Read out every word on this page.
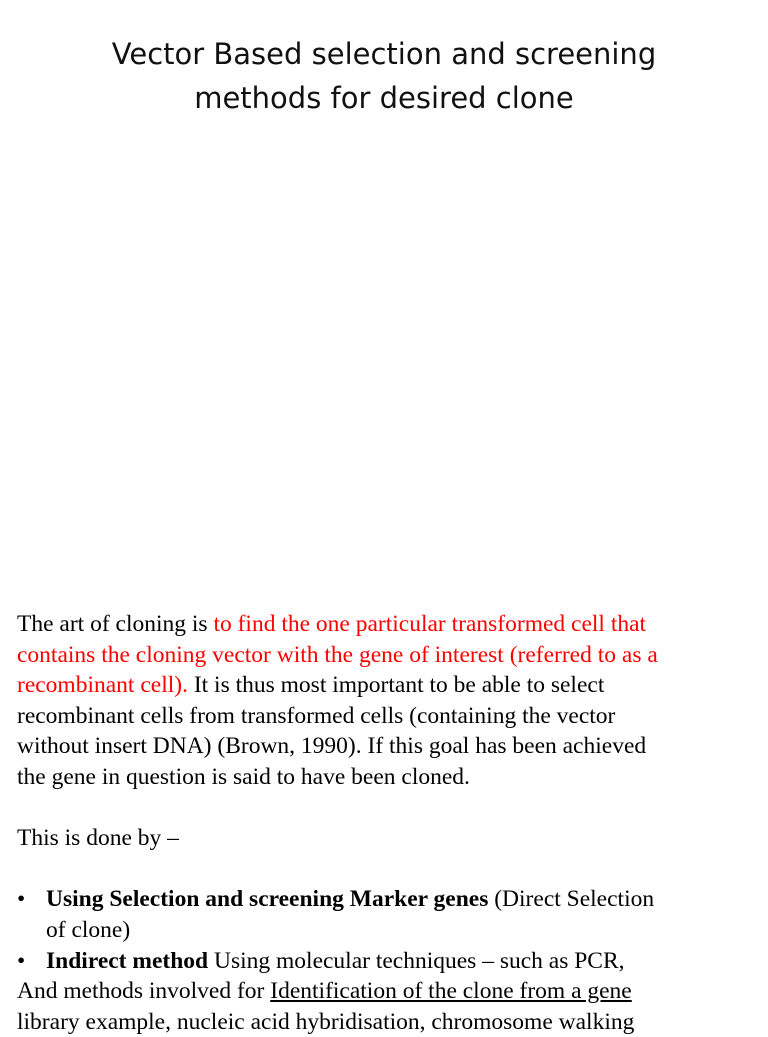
Vector Based selection and screening
methods for desired clone
The art of cloning is to find the one particular transformed cell that
contains the cloning vector with the gene of interest (referred to as a
recombinant cell). It is thus most important to be able to select
recombinant cells from transformed cells (containing the vector
without insert DNA) (Brown, 1990). If this goal has been achieved
the gene in question is said to have been cloned.
This is done by –
• Using Selection and screening Marker genes (Direct Selection
of clone)
• Indirect method Using molecular techniques – such as PCR,
And methods involved for Identification of the clone from a gene
library example, nucleic acid hybridisation, chromosome walking
